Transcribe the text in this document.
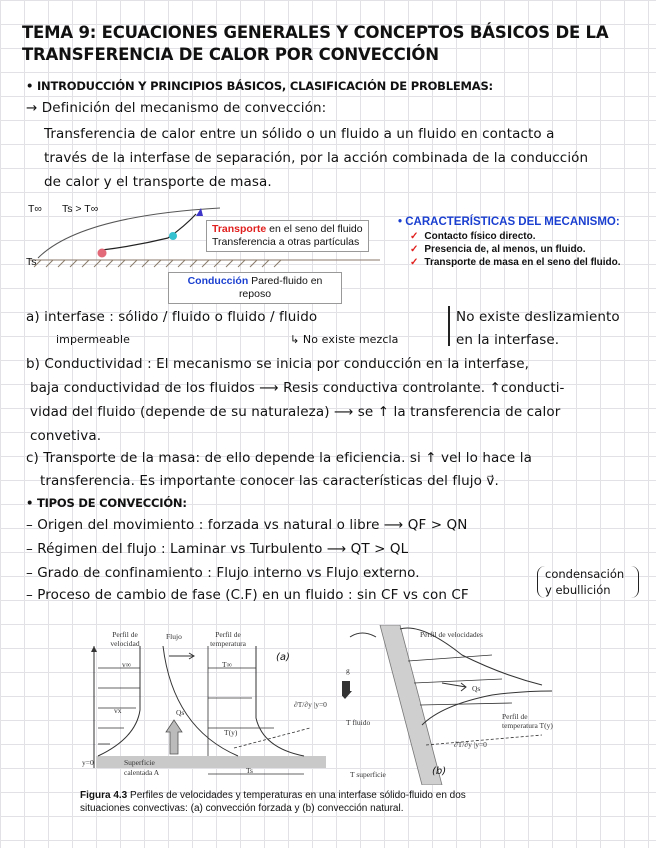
TEMA 9: ECUACIONES GENERALES Y CONCEPTOS BÁSICOS DE LA
TRANSFERENCIA DE CALOR POR CONVECCIÓN
• INTRODUCCIÓN Y PRINCIPIOS BÁSICOS, CLASIFICACIÓN DE PROBLEMAS:
→ Definición del mecanismo de convección:
Transferencia de calor entre un sólido o un fluido a un fluido en contacto a
través de la interfase de separación, por la acción combinada de la conducción
de calor y el transporte de masa.
T∞ Ts > T∞
Ts
Transporte en el seno del fluido
Transferencia a otras partículas
Conducción Pared-fluido en
reposo
• CARACTERÍSTICAS DEL MECANISMO:
✓ Contacto físico directo.
✓ Presencia de, al menos, un fluido.
✓ Transporte de masa en el seno del fluido.
a) interfase : sólido / fluido o fluido / fluido
impermeable	↳ No existe mezcla
No existe deslizamiento
en la interfase.
b) Conductividad : El mecanismo se inicia por conducción en la interfase,
baja conductividad de los fluidos ⟶ Resis conductiva controlante. ↑conducti-
vidad del fluido (depende de su naturaleza) ⟶ se ↑ la transferencia de calor
convetiva.
c) Transporte de la masa: de ello depende la eficiencia. si ↑ vel lo hace la
transferencia. Es importante conocer las características del flujo v⃗.
• TIPOS DE CONVECCIÓN:
– Origen del movimiento : forzada vs natural o libre ⟶ QF > QN
– Régimen del flujo : Laminar vs Turbulento ⟶ QT > QL
– Grado de confinamiento : Flujo interno vs Flujo externo.
– Proceso de cambio de fase (C.F) en un fluido : sin CF vs con CF
condensación
y ebullición
Perfil de velocidad
Flujo	Perfil de temperatura
(a)
v∞
vx
T∞
T(y)
Qs
∂T/∂y |y=0
y=0	Superficie
calentada A	Ts
Perfil de velocidades
g
Qs
T fluido
Perfil de temperatura T(y)
∂T/∂y |y=0
T superficie	(b)
Figura 4.3 Perfiles de velocidades y temperaturas en una interfase sólido-fluido en dos
situaciones convectivas: (a) convección forzada y (b) convección natural.
